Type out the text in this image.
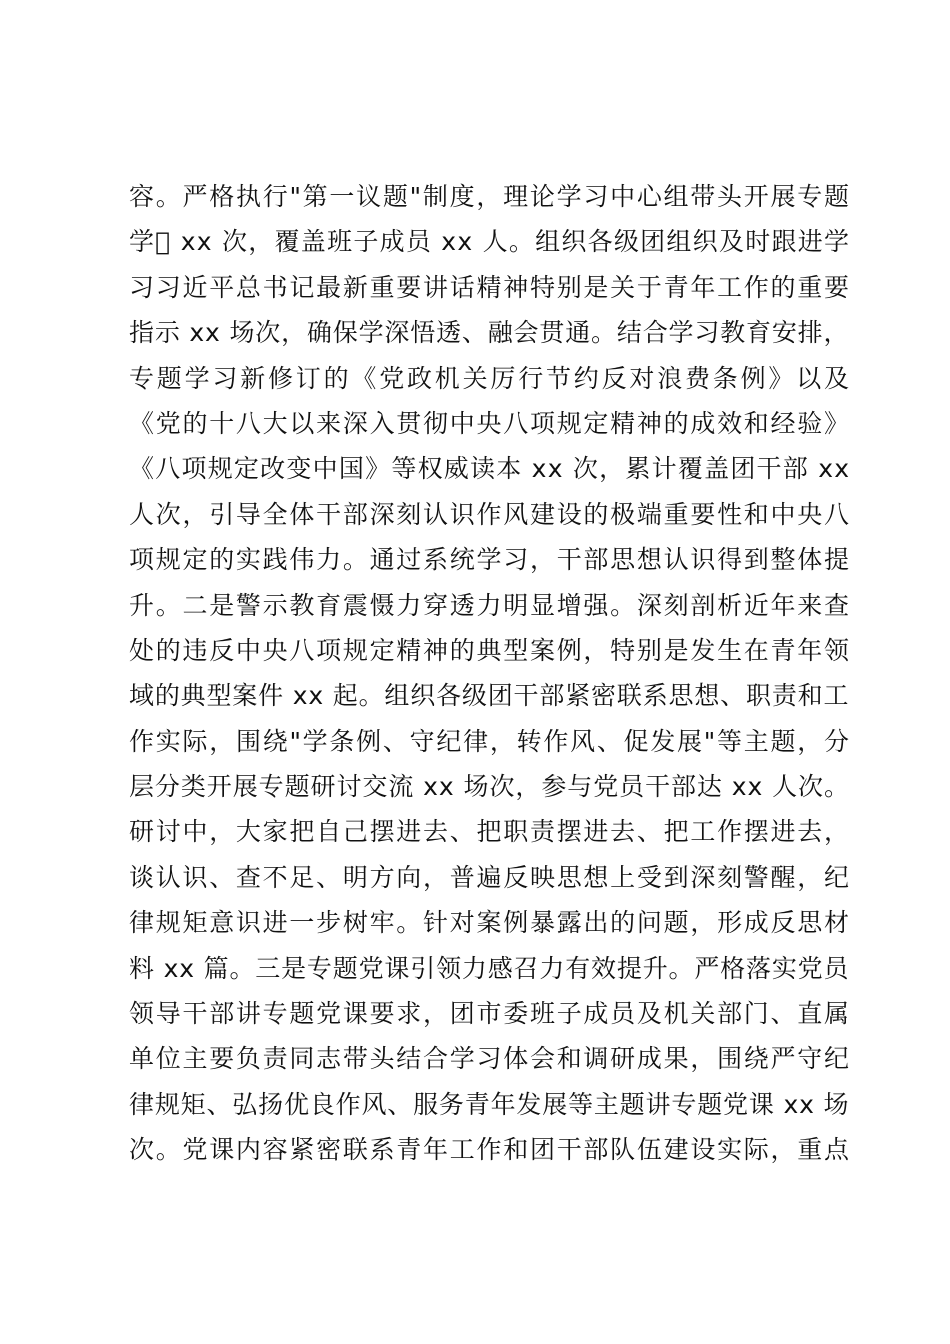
容。严格执行"第一议题"制度，理论学习中心组带头开展专题
学 xx 次，覆盖班子成员 xx 人。组织各级团组织及时跟进学
习习近平总书记最新重要讲话精神特别是关于青年工作的重要
指示 xx 场次，确保学深悟透、融会贯通。结合学习教育安排，
专题学习新修订的《党政机关厉行节约反对浪费条例》以及
《党的十八大以来深入贯彻中央八项规定精神的成效和经验》
《八项规定改变中国》等权威读本 xx 次，累计覆盖团干部 xx
人次，引导全体干部深刻认识作风建设的极端重要性和中央八
项规定的实践伟力。通过系统学习，干部思想认识得到整体提
升。二是警示教育震慑力穿透力明显增强。深刻剖析近年来查
处的违反中央八项规定精神的典型案例，特别是发生在青年领
域的典型案件 xx 起。组织各级团干部紧密联系思想、职责和工
作实际，围绕"学条例、守纪律，转作风、促发展"等主题，分
层分类开展专题研讨交流 xx 场次，参与党员干部达 xx 人次。
研讨中，大家把自己摆进去、把职责摆进去、把工作摆进去，
谈认识、查不足、明方向，普遍反映思想上受到深刻警醒，纪
律规矩意识进一步树牢。针对案例暴露出的问题，形成反思材
料 xx 篇。三是专题党课引领力感召力有效提升。严格落实党员
领导干部讲专题党课要求，团市委班子成员及机关部门、直属
单位主要负责同志带头结合学习体会和调研成果，围绕严守纪
律规矩、弘扬优良作风、服务青年发展等主题讲专题党课 xx 场
次。党课内容紧密联系青年工作和团干部队伍建设实际，重点
